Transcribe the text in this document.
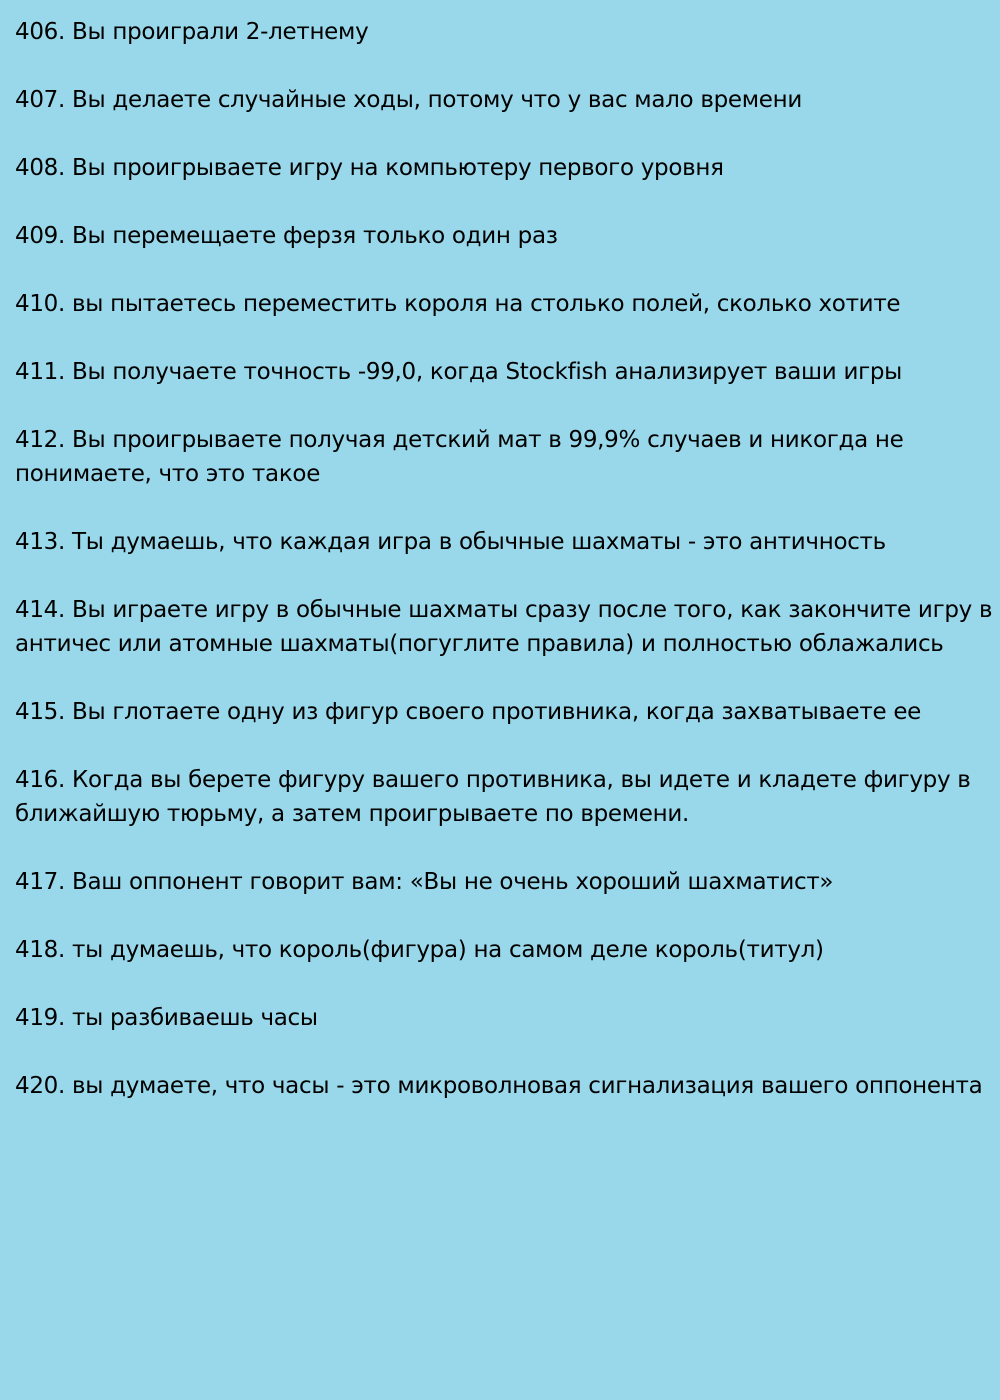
406. Вы проиграли 2-летнему
407. Вы делаете случайные ходы, потому что у вас мало времени
408. Вы проигрываете игру на компьютеру первого уровня
409. Вы перемещаете ферзя только один раз
410. вы пытаетесь переместить короля на столько полей, сколько хотите
411. Вы получаете точность -99,0, когда Stockfish анализирует ваши игры
412. Вы проигрываете получая детский мат в 99,9% случаев и никогда не
понимаете, что это такое
413. Ты думаешь, что каждая игра в обычные шахматы - это античность
414. Вы играете игру в обычные шахматы сразу после того, как закончите игру в
античес или атомные шахматы(погуглите правила) и полностью облажались
415. Вы глотаете одну из фигур своего противника, когда захватываете ее
416. Когда вы берете фигуру вашего противника, вы идете и кладете фигуру в
ближайшую тюрьму, а затем проигрываете по времени.
417. Ваш оппонент говорит вам: «Вы не очень хороший шахматист»
418. ты думаешь, что король(фигура) на самом деле король(титул)
419. ты разбиваешь часы
420. вы думаете, что часы - это микроволновая сигнализация вашего оппонента
